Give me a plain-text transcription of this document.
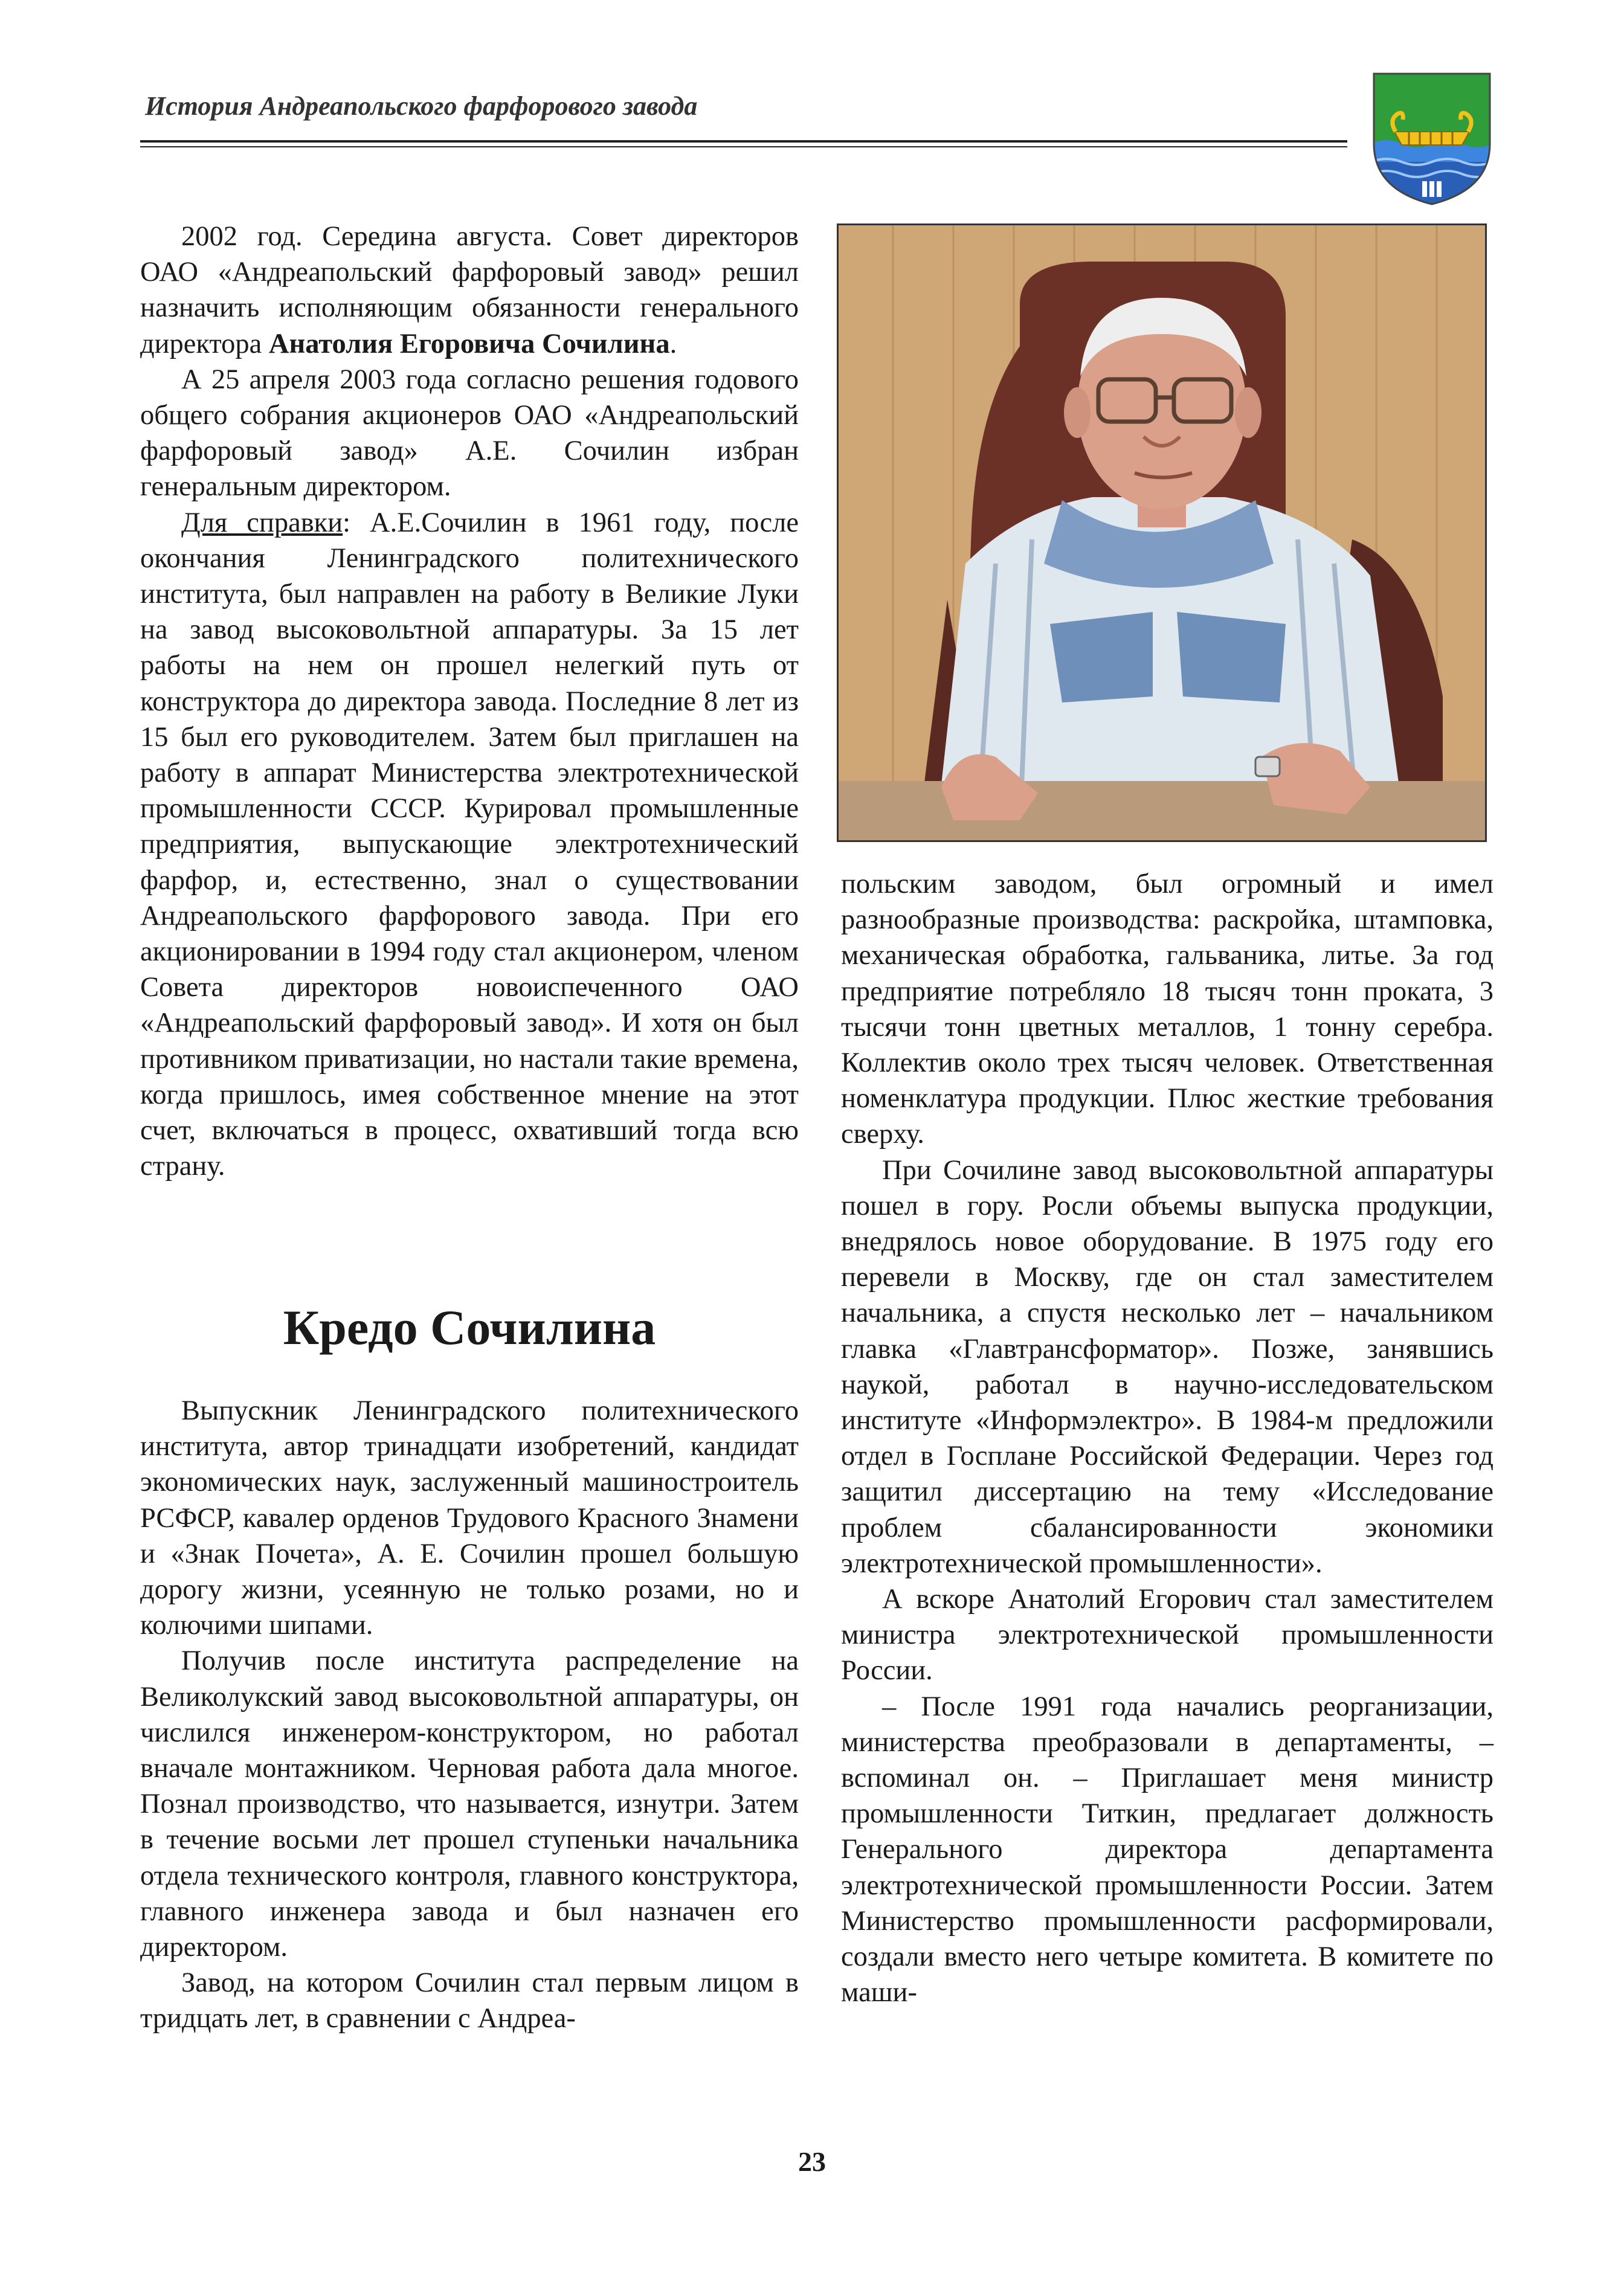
История Андреапольского фарфорового завода

2002 год. Середина августа. Совет директоров ОАО «Андреапольский фарфоровый завод» решил назначить исполняющим обязанности генерального директора Анатолия Егоровича Сочилина.

А 25 апреля 2003 года согласно решения годового общего собрания акционеров ОАО «Андреапольский фарфоровый завод» А.Е. Сочилин избран генеральным директором.

Для справки: А.Е.Сочилин в 1961 году, после окончания Ленинградского политехнического института, был направлен на работу в Великие Луки на завод высоковольтной аппаратуры. За 15 лет работы на нем он прошел нелегкий путь от конструктора до директора завода. Последние 8 лет из 15 был его руководителем. Затем был приглашен на работу в аппарат Министерства электротехнической промышленности СССР. Курировал промышленные предприятия, выпускающие электротехнический фарфор, и, естественно, знал о существовании Андреапольского фарфорового завода. При его акционировании в 1994 году стал акционером, членом Совета директоров новоиспеченного ОАО «Андреапольский фарфоровый завод». И хотя он был противником приватизации, но настали такие времена, когда пришлось, имея собственное мнение на этот счет, включаться в процесс, охвативший тогда всю страну.

Кредо Сочилина

Выпускник Ленинградского политехнического института, автор тринадцати изобретений, кандидат экономических наук, заслуженный машиностроитель РСФСР, кавалер орденов Трудового Красного Знамени и «Знак Почета», А. Е. Сочилин прошел большую дорогу жизни, усеянную не только розами, но и колючими шипами.

Получив после института распределение на Великолукский завод высоковольтной аппаратуры, он числился инженером-конструктором, но работал вначале монтажником. Черновая работа дала многое. Познал производство, что называется, изнутри. Затем в течение восьми лет прошел ступеньки начальника отдела технического контроля, главного конструктора, главного инженера завода и был назначен его директором.

Завод, на котором Сочилин стал первым лицом в тридцать лет, в сравнении с Андреа-

польским заводом, был огромный и имел разнообразные производства: раскройка, штамповка, механическая обработка, гальваника, литье. За год предприятие потребляло 18 тысяч тонн проката, 3 тысячи тонн цветных металлов, 1 тонну серебра. Коллектив около трех тысяч человек. Ответственная номенклатура продукции. Плюс жесткие требования сверху.

При Сочилине завод высоковольтной аппаратуры пошел в гору. Росли объемы выпуска продукции, внедрялось новое оборудование. В 1975 году его перевели в Москву, где он стал заместителем начальника, а спустя несколько лет – начальником главка «Главтрансформатор». Позже, занявшись наукой, работал в научно-исследовательском институте «Информэлектро». В 1984-м предложили отдел в Госплане Российской Федерации. Через год защитил диссертацию на тему «Исследование проблем сбалансированности экономики электротехнической промышленности».

А вскоре Анатолий Егорович стал заместителем министра электротехнической промышленности России.

– После 1991 года начались реорганизации, министерства преобразовали в департаменты, – вспоминал он. – Приглашает меня министр промышленности Титкин, предлагает должность Генерального директора департамента электротехнической промышленности России. Затем Министерство промышленности расформировали, создали вместо него четыре комитета. В комитете по маши-

23
